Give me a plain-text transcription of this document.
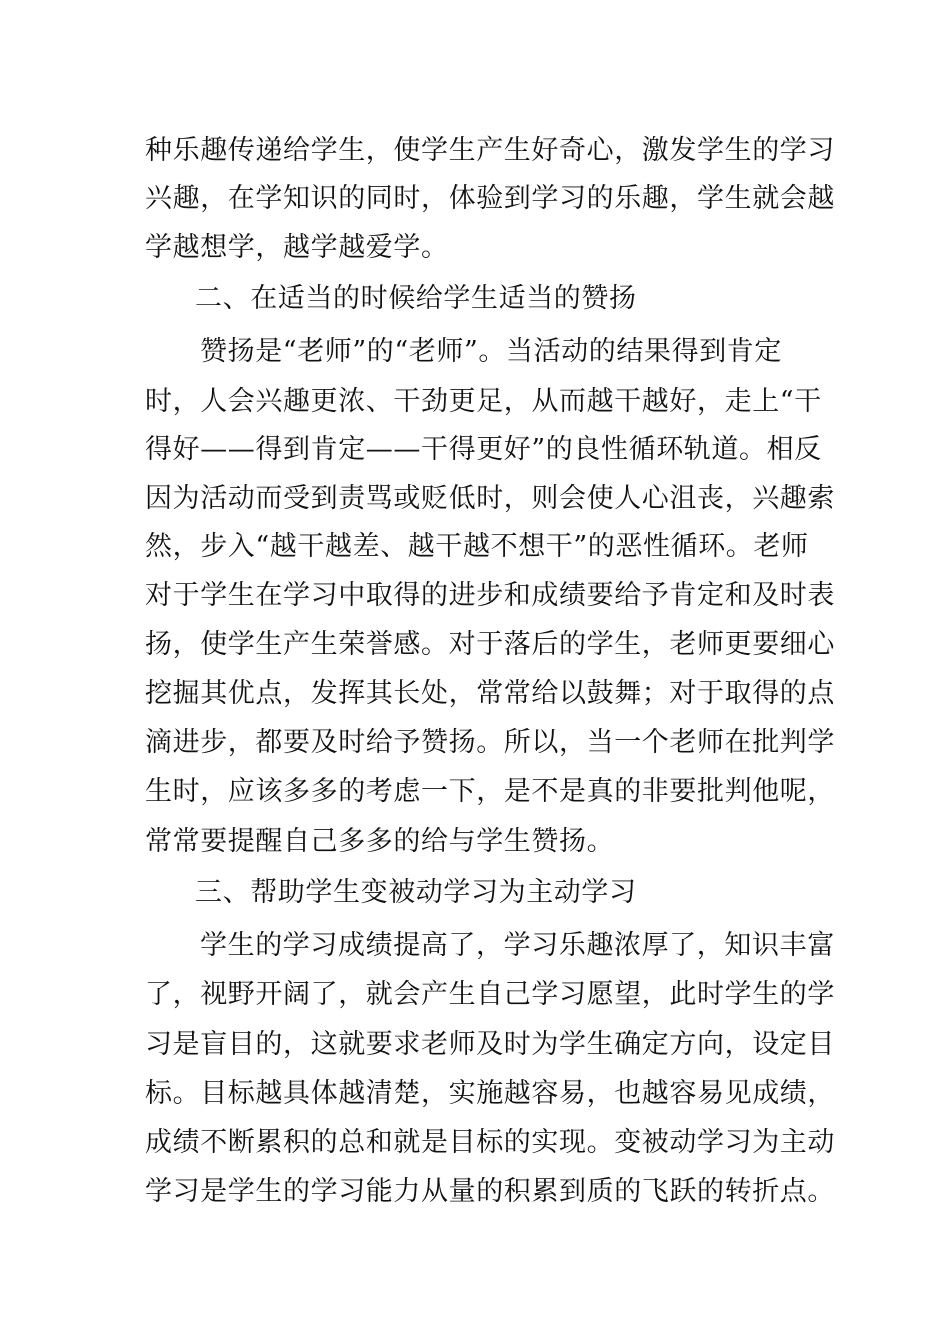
种乐趣传递给学生，使学生产生好奇心，激发学生的学习
兴趣，在学知识的同时，体验到学习的乐趣，学生就会越
学越想学，越学越爱学。
二、在适当的时候给学生适当的赞扬
赞扬是“老师”的“老师”。当活动的结果得到肯定
时，人会兴趣更浓、干劲更足，从而越干越好，走上“干
得好——得到肯定——干得更好”的良性循环轨道。相反
因为活动而受到责骂或贬低时，则会使人心沮丧，兴趣索
然，步入“越干越差、越干越不想干”的恶性循环。老师
对于学生在学习中取得的进步和成绩要给予肯定和及时表
扬，使学生产生荣誉感。对于落后的学生，老师更要细心
挖掘其优点，发挥其长处，常常给以鼓舞；对于取得的点
滴进步，都要及时给予赞扬。所以，当一个老师在批判学
生时，应该多多的考虑一下，是不是真的非要批判他呢，
常常要提醒自己多多的给与学生赞扬。
三、帮助学生变被动学习为主动学习
学生的学习成绩提高了，学习乐趣浓厚了，知识丰富
了，视野开阔了，就会产生自己学习愿望，此时学生的学
习是盲目的，这就要求老师及时为学生确定方向，设定目
标。目标越具体越清楚，实施越容易，也越容易见成绩，
成绩不断累积的总和就是目标的实现。变被动学习为主动
学习是学生的学习能力从量的积累到质的飞跃的转折点。
